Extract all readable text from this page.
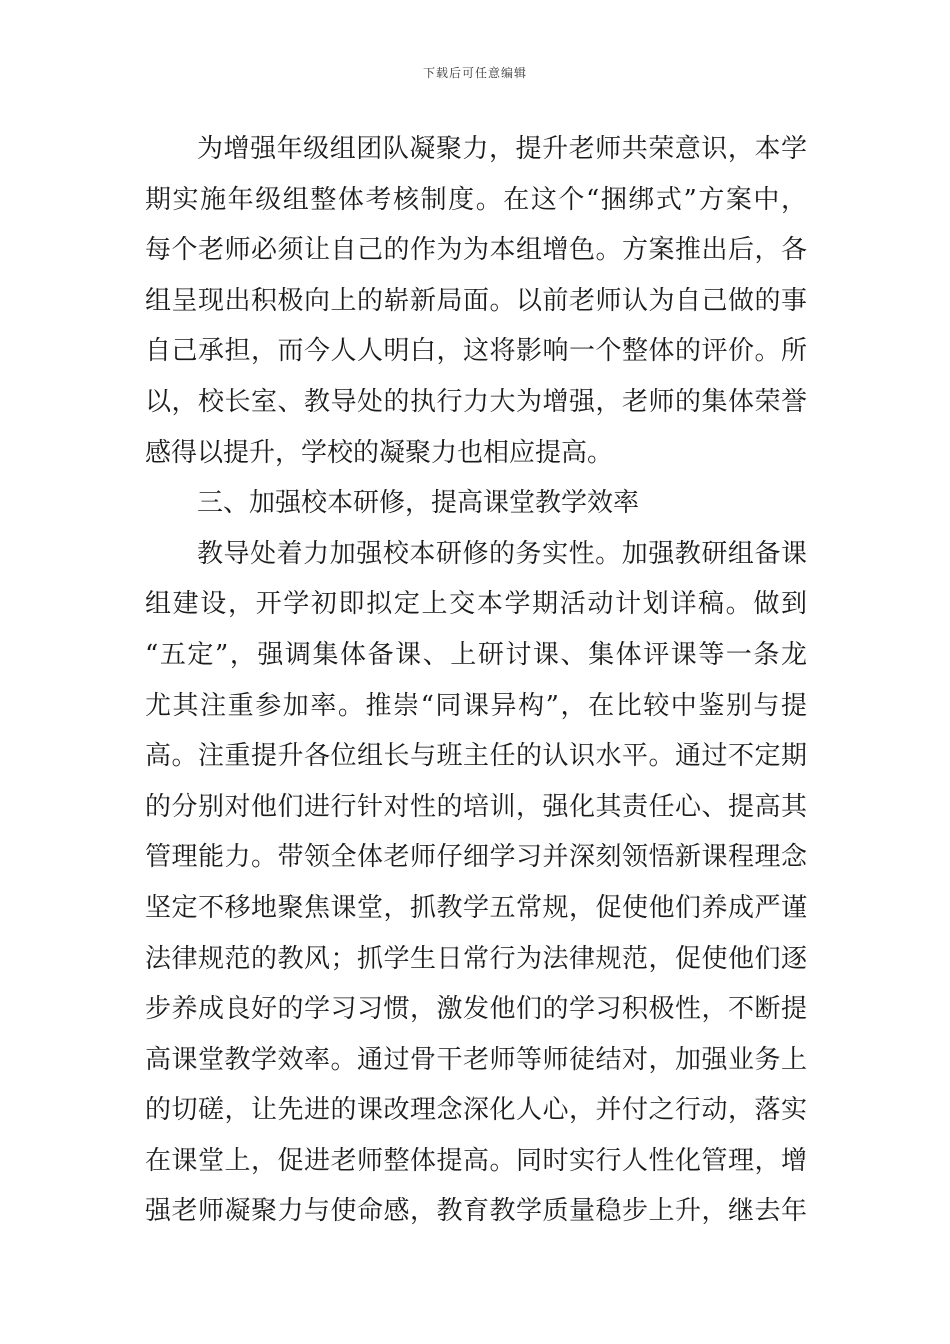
下载后可任意编辑
为增强年级组团队凝聚力，提升老师共荣意识，本学
期实施年级组整体考核制度。在这个“捆绑式”方案中，
每个老师必须让自己的作为为本组增色。方案推出后，各
组呈现出积极向上的崭新局面。以前老师认为自己做的事
自己承担，而今人人明白，这将影响一个整体的评价。所
以，校长室、教导处的执行力大为增强，老师的集体荣誉
感得以提升，学校的凝聚力也相应提高。
三、加强校本研修，提高课堂教学效率
教导处着力加强校本研修的务实性。加强教研组备课
组建设，开学初即拟定上交本学期活动计划详稿。做到
“五定”，强调集体备课、上研讨课、集体评课等一条龙
尤其注重参加率。推崇“同课异构”，在比较中鉴别与提
高。注重提升各位组长与班主任的认识水平。通过不定期
的分别对他们进行针对性的培训，强化其责任心、提高其
管理能力。带领全体老师仔细学习并深刻领悟新课程理念
坚定不移地聚焦课堂，抓教学五常规，促使他们养成严谨
法律规范的教风；抓学生日常行为法律规范，促使他们逐
步养成良好的学习习惯，激发他们的学习积极性，不断提
高课堂教学效率。通过骨干老师等师徒结对，加强业务上
的切磋，让先进的课改理念深化人心，并付之行动，落实
在课堂上，促进老师整体提高。同时实行人性化管理，增
强老师凝聚力与使命感，教育教学质量稳步上升，继去年
